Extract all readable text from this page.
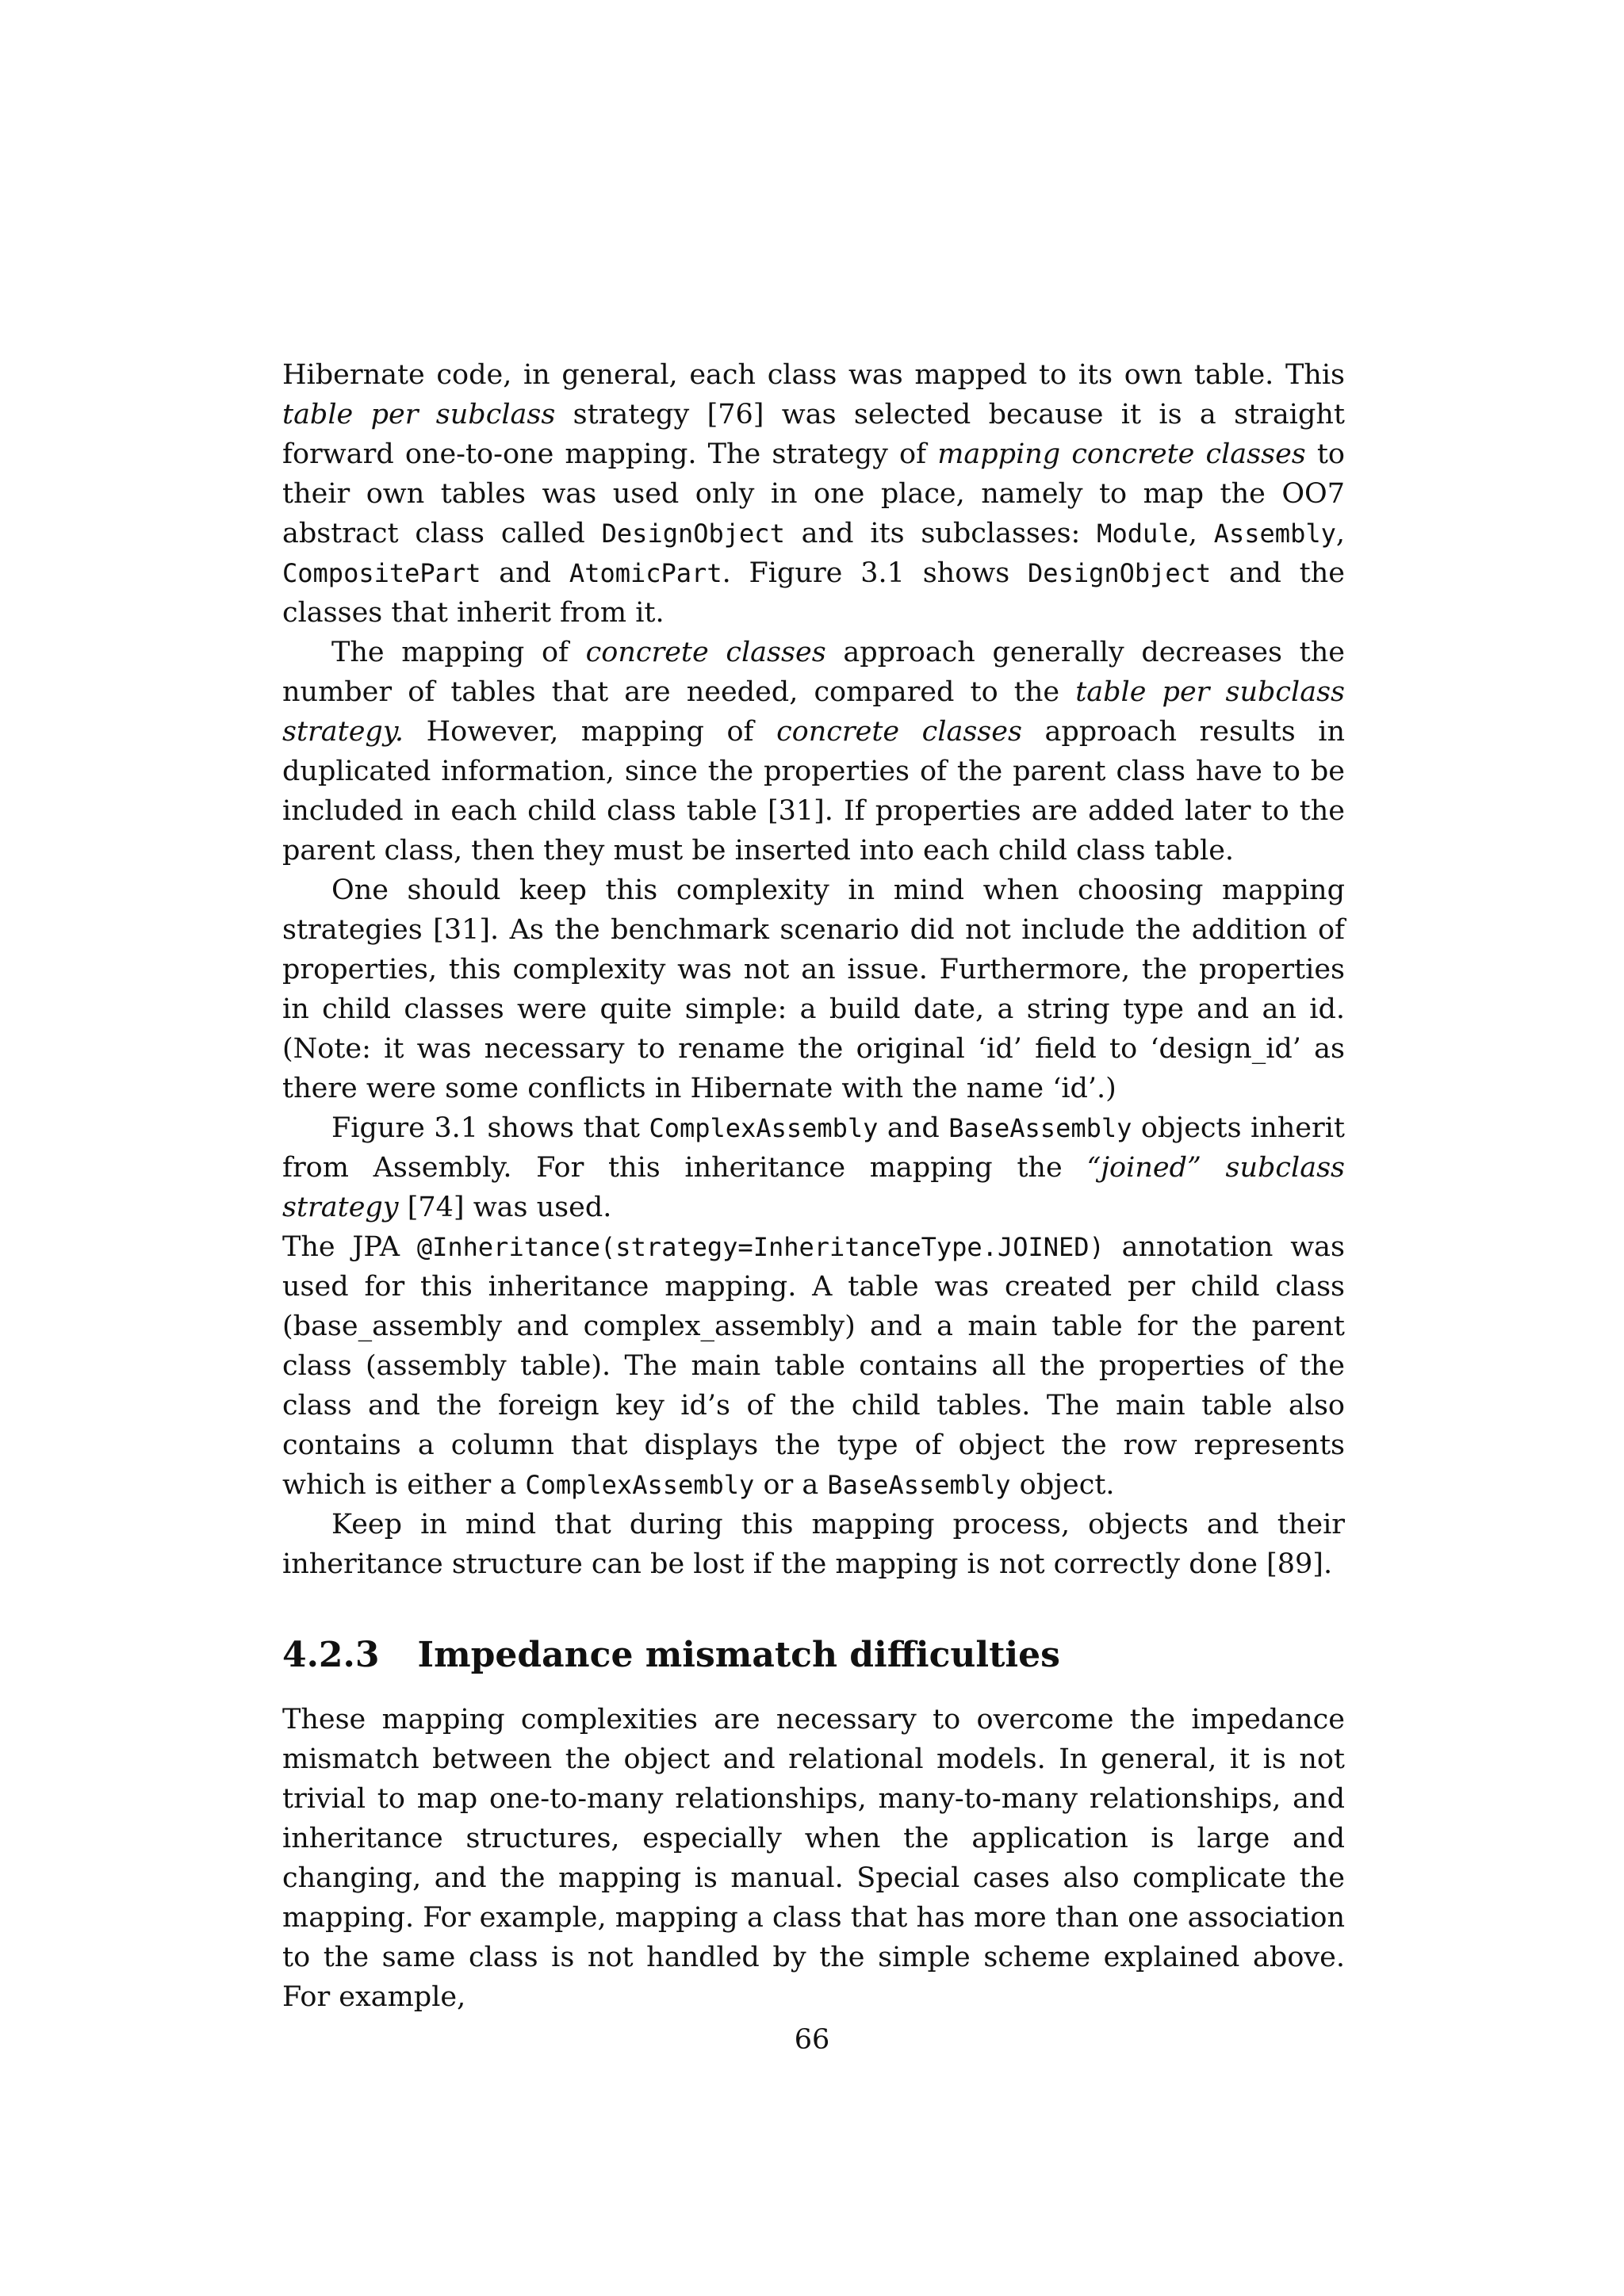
Hibernate code, in general, each class was mapped to its own table. This table per subclass strategy [76] was selected because it is a straight forward one-to-one mapping. The strategy of mapping concrete classes to their own tables was used only in one place, namely to map the OO7 abstract class called DesignObject and its subclasses: Module, Assembly, CompositePart and AtomicPart. Figure 3.1 shows DesignObject and the classes that inherit from it.

The mapping of concrete classes approach generally decreases the number of tables that are needed, compared to the table per subclass strategy. However, mapping of concrete classes approach results in duplicated information, since the properties of the parent class have to be included in each child class table [31]. If properties are added later to the parent class, then they must be inserted into each child class table.

One should keep this complexity in mind when choosing mapping strategies [31]. As the benchmark scenario did not include the addition of properties, this complexity was not an issue. Furthermore, the properties in child classes were quite simple: a build date, a string type and an id. (Note: it was necessary to rename the original ‘id’ field to ‘design_id’ as there were some conflicts in Hibernate with the name ‘id’.)

Figure 3.1 shows that ComplexAssembly and BaseAssembly objects inherit from Assembly. For this inheritance mapping the “joined” subclass strategy [74] was used.

The JPA @Inheritance(strategy=InheritanceType.JOINED) annotation was used for this inheritance mapping. A table was created per child class (base_assembly and complex_assembly) and a main table for the parent class (assembly table). The main table contains all the properties of the class and the foreign key id’s of the child tables. The main table also contains a column that displays the type of object the row represents which is either a ComplexAssembly or a BaseAssembly object.

Keep in mind that during this mapping process, objects and their inheritance structure can be lost if the mapping is not correctly done [89].

4.2.3 Impedance mismatch difficulties

These mapping complexities are necessary to overcome the impedance mismatch between the object and relational models. In general, it is not trivial to map one-to-many relationships, many-to-many relationships, and inheritance structures, especially when the application is large and changing, and the mapping is manual. Special cases also complicate the mapping. For example, mapping a class that has more than one association to the same class is not handled by the simple scheme explained above. For example,

66
